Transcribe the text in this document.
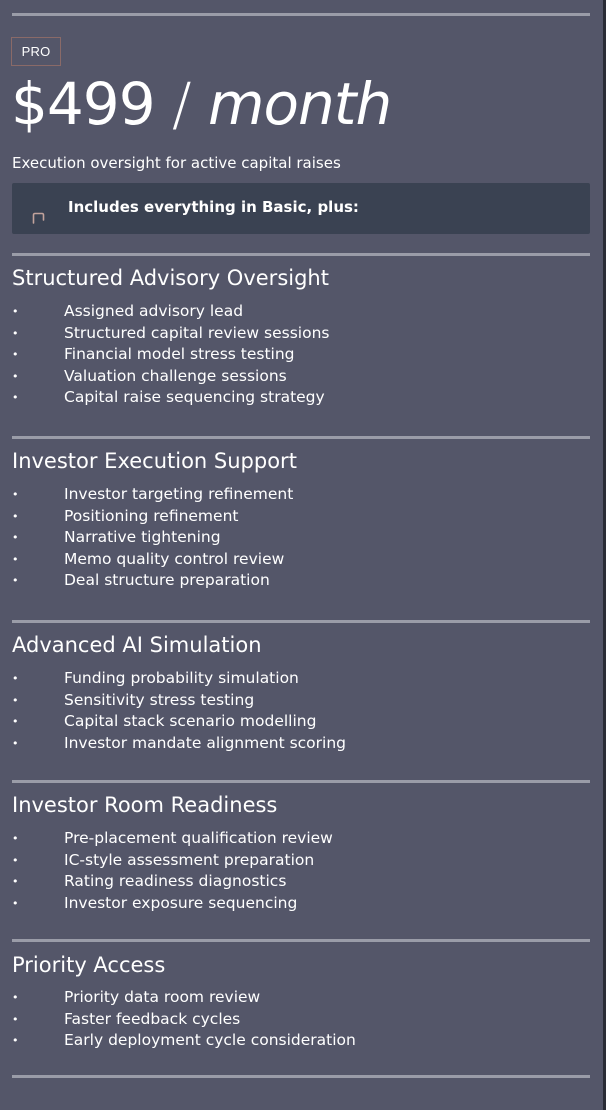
PRO
$499 / month
Execution oversight for active capital raises
Includes everything in Basic, plus:
Structured Advisory Oversight
•	Assigned advisory lead
•	Structured capital review sessions
•	Financial model stress testing
•	Valuation challenge sessions
•	Capital raise sequencing strategy
Investor Execution Support
•	Investor targeting refinement
•	Positioning refinement
•	Narrative tightening
•	Memo quality control review
•	Deal structure preparation
Advanced AI Simulation
•	Funding probability simulation
•	Sensitivity stress testing
•	Capital stack scenario modelling
•	Investor mandate alignment scoring
Investor Room Readiness
•	Pre-placement qualification review
•	IC-style assessment preparation
•	Rating readiness diagnostics
•	Investor exposure sequencing
Priority Access
•	Priority data room review
•	Faster feedback cycles
•	Early deployment cycle consideration
